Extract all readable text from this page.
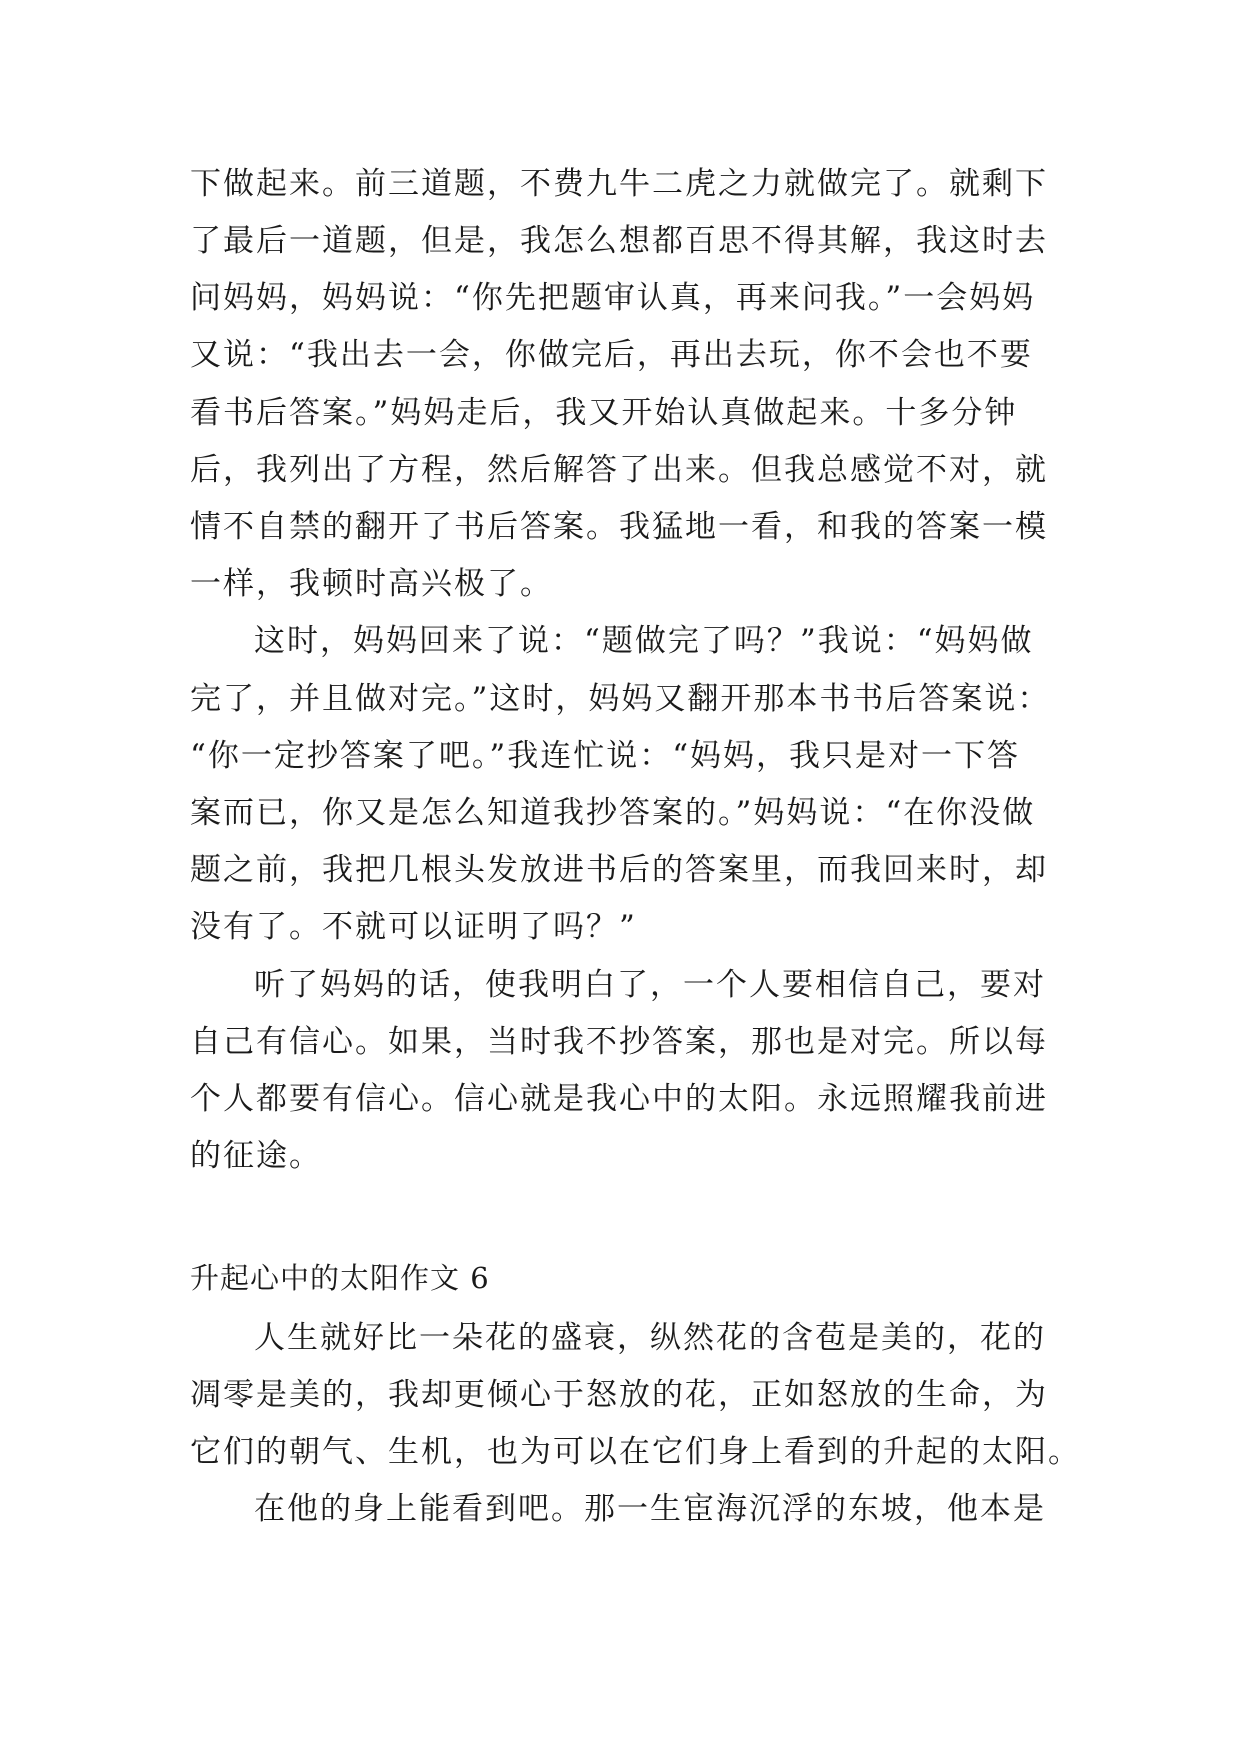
下做起来。前三道题，不费九牛二虎之力就做完了。就剩下
了最后一道题，但是，我怎么想都百思不得其解，我这时去
问妈妈，妈妈说：“你先把题审认真，再来问我。”一会妈妈
又说：“我出去一会，你做完后，再出去玩，你不会也不要
看书后答案。”妈妈走后，我又开始认真做起来。十多分钟
后，我列出了方程，然后解答了出来。但我总感觉不对，就
情不自禁的翻开了书后答案。我猛地一看，和我的答案一模
一样，我顿时高兴极了。
这时，妈妈回来了说：“题做完了吗？”我说：“妈妈做
完了，并且做对完。”这时，妈妈又翻开那本书书后答案说：
“你一定抄答案了吧。”我连忙说：“妈妈，我只是对一下答
案而已，你又是怎么知道我抄答案的。”妈妈说：“在你没做
题之前，我把几根头发放进书后的答案里，而我回来时，却
没有了。不就可以证明了吗？”
听了妈妈的话，使我明白了，一个人要相信自己，要对
自己有信心。如果，当时我不抄答案，那也是对完。所以每
个人都要有信心。信心就是我心中的太阳。永远照耀我前进
的征途。
升起心中的太阳作文 6
人生就好比一朵花的盛衰，纵然花的含苞是美的，花的
凋零是美的，我却更倾心于怒放的花，正如怒放的生命，为
它们的朝气、生机，也为可以在它们身上看到的升起的太阳。
在他的身上能看到吧。那一生宦海沉浮的东坡，他本是
